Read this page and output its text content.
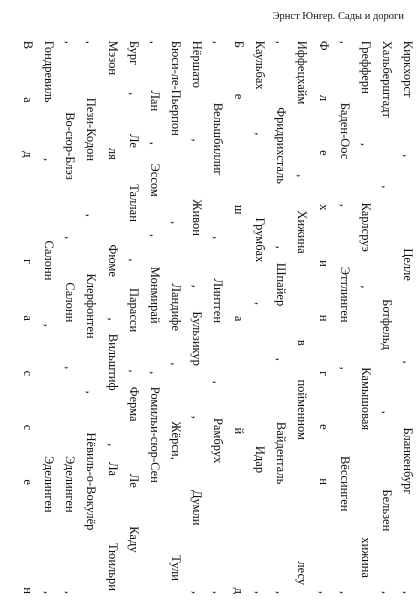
Эрнст Юнгер. Сады и дороги
Киркхорст
,
Целле
,
Бланкенбург
,
Хальберштадт
,
Ботфельд
,
Бельзен
,
Грефферн
,
Карлсруэ
,
Камышовая
хижина
,
Баден-Оос
,
Эттлинген
,
Вёссинген
,
Ф
л
е
х
и
н
г
е
н
,
Иффецхайм
,
Хижина
в
пойменном
лесу
,
Фридрихсталь
,
Шпайер
,
Вайденталь
,
Каульбах
,
Грумбах
,
Идар
,
Б
е
ш
а
й
д
,
Вельшбиллиг
,
Линтген
,
Рамбрух
,
Нёршато
,
Живон
,
Бульзикур
,
Думли
,
Бюси-ле-Пьерпон
,
Ландифе
,
Жёрси,
Тули
,
Лан
,
Эссом
,
Монмирай
,
Ромильи-сюр-Сен
Бург
,
Ле
Таллан
,
Парасси
,
Ферма
Ле
Каду
Мэзон
ля
Фюме
,
Вильштиф
,
Ла
Тюильри
,
Пези-Кодон
,
Клерфонтен
,
Нёвиль-о-Вокулёр
,
Во-сюр-Блэз
,
Салонн
,
Эделинген
,
Гондревиль
,
Салонн
,
Эделинген
,
В
а
д
г
а
с
с
е
н
